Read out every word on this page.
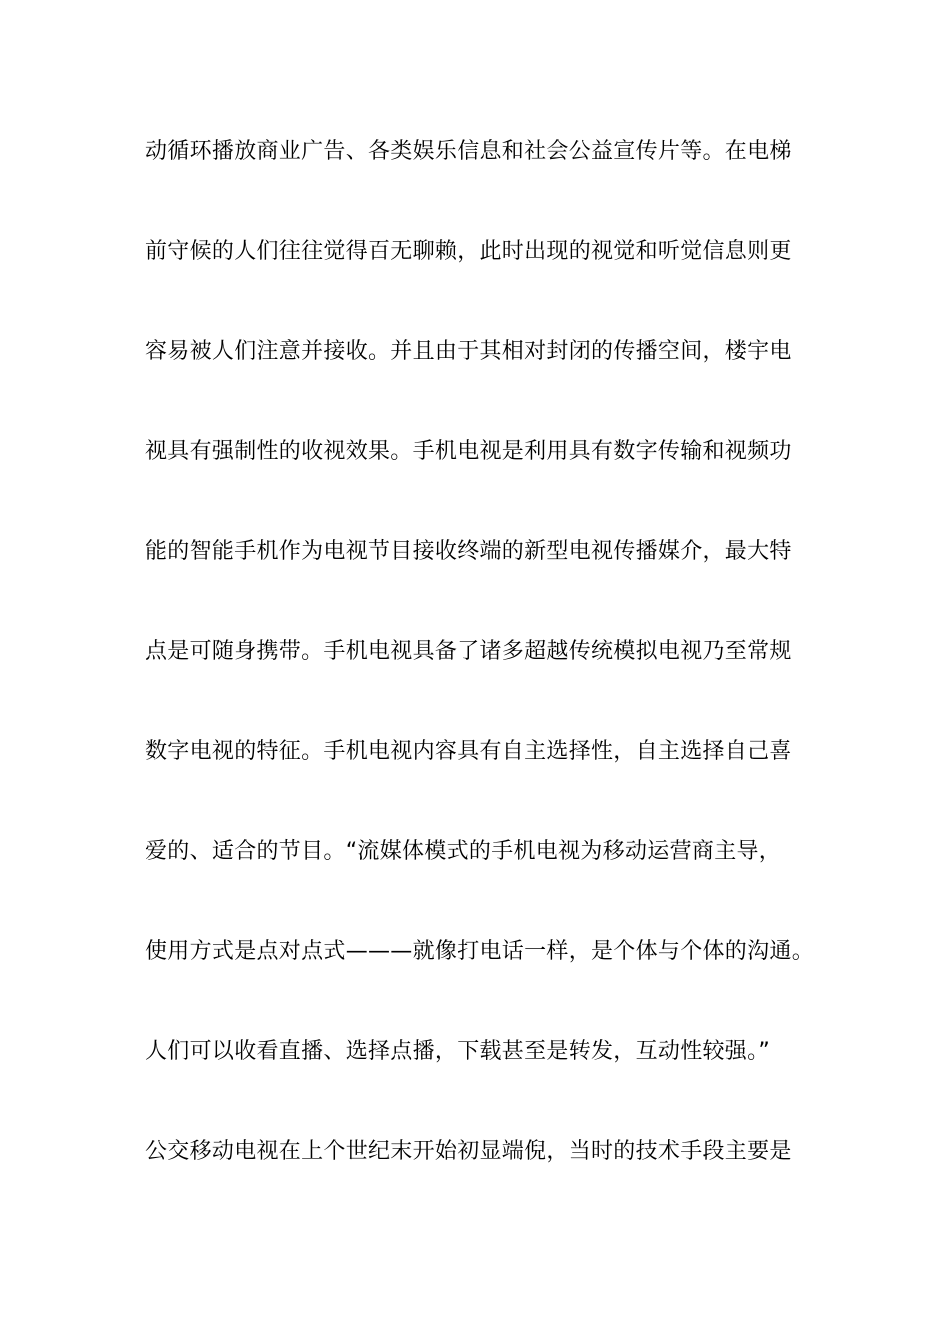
动循环播放商业广告、各类娱乐信息和社会公益宣传片等。在电梯
前守候的人们往往觉得百无聊赖，此时出现的视觉和听觉信息则更
容易被人们注意并接收。并且由于其相对封闭的传播空间，楼宇电
视具有强制性的收视效果。手机电视是利用具有数字传输和视频功
能的智能手机作为电视节目接收终端的新型电视传播媒介，最大特
点是可随身携带。手机电视具备了诸多超越传统模拟电视乃至常规
数字电视的特征。手机电视内容具有自主选择性，自主选择自己喜
爱的、适合的节目。“流媒体模式的手机电视为移动运营商主导，
使用方式是点对点式———就像打电话一样，是个体与个体的沟通。
人们可以收看直播、选择点播，下载甚至是转发，互动性较强。”
公交移动电视在上个世纪末开始初显端倪，当时的技术手段主要是
